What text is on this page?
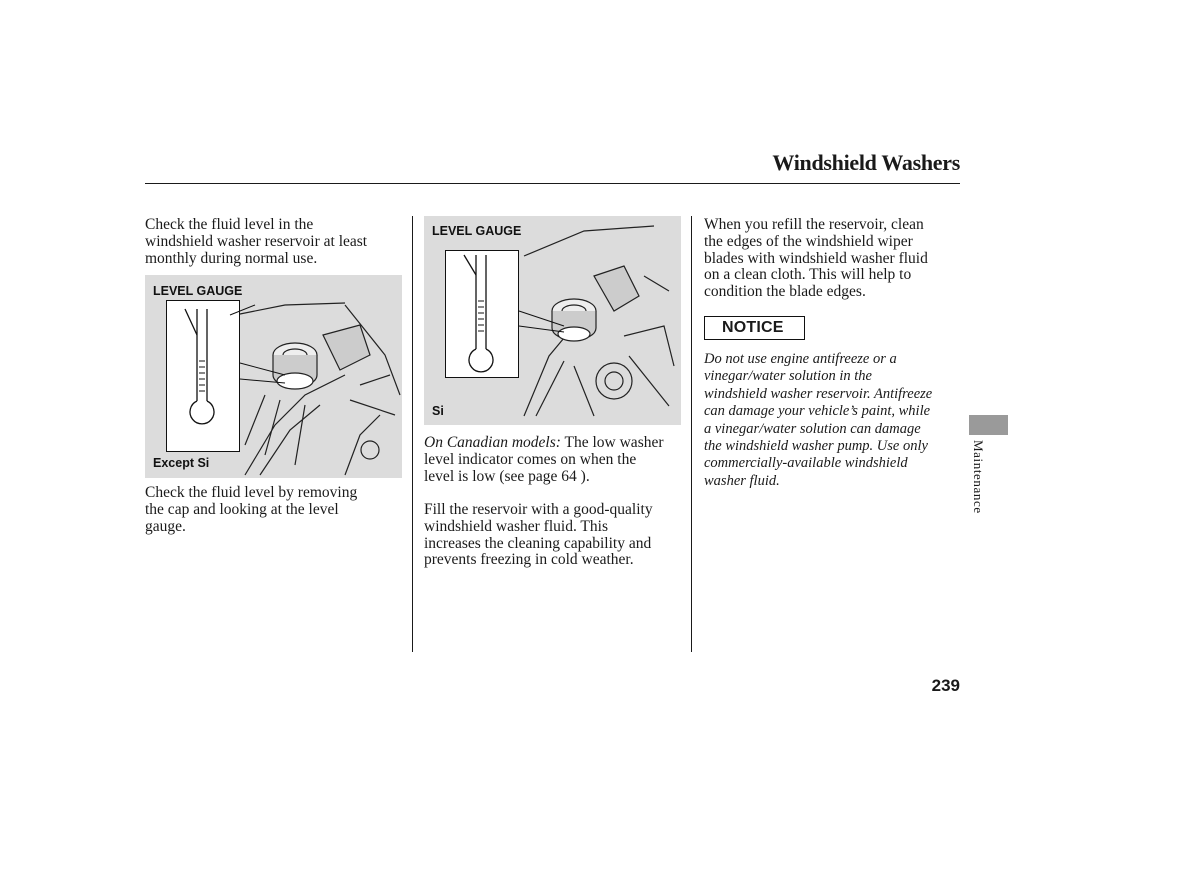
Windshield Washers
Check the fluid level in the
windshield washer reservoir at least
monthly during normal use.
LEVEL GAUGE
Except Si
Check the fluid level by removing
the cap and looking at the level
gauge.
LEVEL GAUGE
Si
On Canadian models: The low washer
level indicator comes on when the
level is low (see page 64 ).
Fill the reservoir with a good-quality
windshield washer fluid. This
increases the cleaning capability and
prevents freezing in cold weather.
When you refill the reservoir, clean
the edges of the windshield wiper
blades with windshield washer fluid
on a clean cloth. This will help to
condition the blade edges.
NOTICE
Do not use engine antifreeze or a
vinegar/water solution in the
windshield washer reservoir. Antifreeze
can damage your vehicle’s paint, while
a vinegar/water solution can damage
the windshield washer pump. Use only
commercially-available windshield
washer fluid.	Maintenance
239
